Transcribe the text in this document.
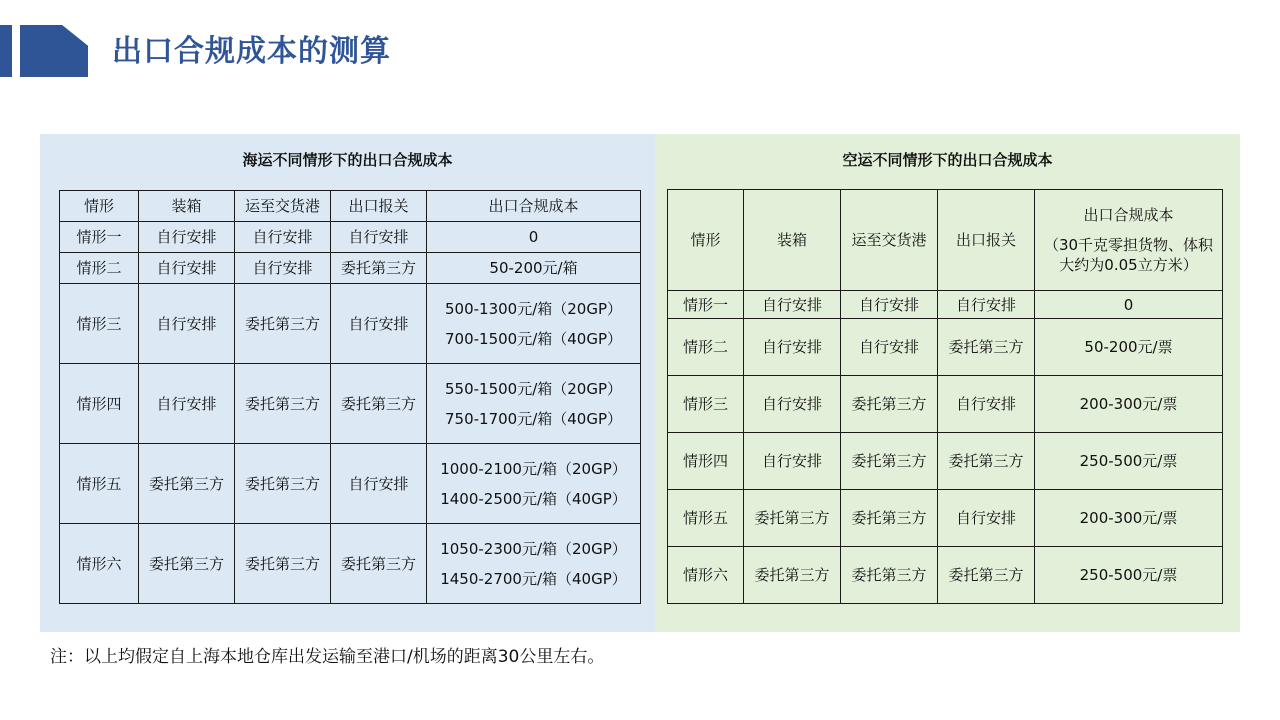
出口合规成本的测算
海运不同情形下的出口合规成本
情形	装箱	运至交货港	出口报关	出口合规成本
情形一	自行安排	自行安排	自行安排	0

情形二	自行安排	自行安排	委托第三方	50-200元/箱

情形三	自行安排	委托第三方	自行安排	500-1300元/箱（20GP）
700-1500元/箱（40GP）

情形四	自行安排	委托第三方	委托第三方	550-1500元/箱（20GP）
750-1700元/箱（40GP）

情形五	委托第三方	委托第三方	自行安排	1000-2100元/箱（20GP）
1400-2500元/箱（40GP）

情形六	委托第三方	委托第三方	委托第三方	1050-2300元/箱（20GP）
1450-2700元/箱（40GP）
空运不同情形下的出口合规成本
情形	装箱	运至交货港	出口报关	出口合规成本
（30千克零担货物、体积大约为0.05立方米）

情形一	自行安排	自行安排	自行安排	0
情形二	自行安排	自行安排	委托第三方	50-200元/票
情形三	自行安排	委托第三方	自行安排	200-300元/票
情形四	自行安排	委托第三方	委托第三方	250-500元/票
情形五	委托第三方	委托第三方	自行安排	200-300元/票
情形六	委托第三方	委托第三方	委托第三方	250-500元/票
注：以上均假定自上海本地仓库出发运输至港口/机场的距离30公里左右。
